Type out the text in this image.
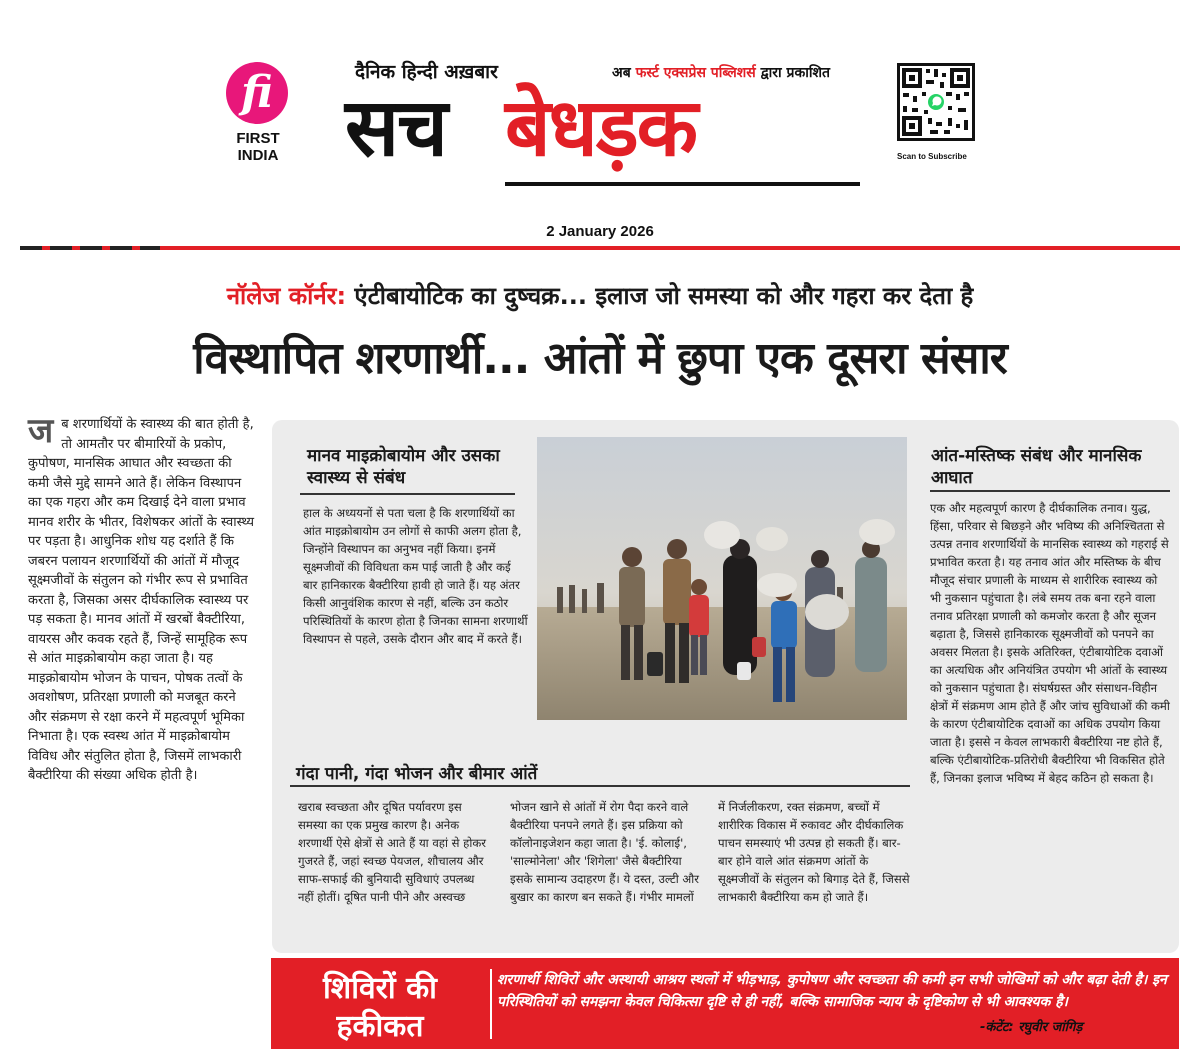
fi
FIRST
INDIA
दैनिक हिन्दी अख़बार	अब फर्स्ट एक्सप्रेस पब्लिशर्स द्वारा प्रकाशित
सच बेधड़क	Scan to Subscribe
2 January 2026
नॉलेज कॉर्नर: एंटीबायोटिक का दुष्चक्र... इलाज जो समस्या को और गहरा कर देता है
विस्थापित शरणार्थी... आंतों में छुपा एक दूसरा संसार
ज ब शरणार्थियों के स्वास्थ्य की बात होती है, तो आमतौर पर बीमारियों के प्रकोप, कुपोषण, मानसिक आघात और स्वच्छता की कमी जैसे मुद्दे सामने आते हैं। लेकिन विस्थापन का एक गहरा और कम दिखाई देने वाला प्रभाव मानव शरीर के भीतर, विशेषकर आंतों के स्वास्थ्य पर पड़ता है। आधुनिक शोध यह दर्शाते हैं कि जबरन पलायन शरणार्थियों की आंतों में मौजूद सूक्ष्मजीवों के संतुलन को गंभीर रूप से प्रभावित करता है, जिसका असर दीर्घकालिक स्वास्थ्य पर पड़ सकता है। मानव आंतों में खरबों बैक्टीरिया, वायरस और कवक रहते हैं, जिन्हें सामूहिक रूप से आंत माइक्रोबायोम कहा जाता है। यह माइक्रोबायोम भोजन के पाचन, पोषक तत्वों के अवशोषण, प्रतिरक्षा प्रणाली को मजबूत करने और संक्रमण से रक्षा करने में महत्वपूर्ण भूमिका निभाता है। एक स्वस्थ आंत में माइक्रोबायोम विविध और संतुलित होता है, जिसमें लाभकारी बैक्टीरिया की संख्या अधिक होती है।
मानव माइक्रोबायोम और उसका स्वास्थ्य से संबंध
हाल के अध्ययनों से पता चला है कि शरणार्थियों का आंत माइक्रोबायोम उन लोगों से काफी अलग होता है, जिन्होंने विस्थापन का अनुभव नहीं किया। इनमें सूक्ष्मजीवों की विविधता कम पाई जाती है और कई बार हानिकारक बैक्टीरिया हावी हो जाते हैं। यह अंतर किसी आनुवंशिक कारण से नहीं, बल्कि उन कठोर परिस्थितियों के कारण होता है जिनका सामना शरणार्थी विस्थापन से पहले, उसके दौरान और बाद में करते हैं।
आंत-मस्तिष्क संबंध और मानसिक आघात
एक और महत्वपूर्ण कारण है दीर्घकालिक तनाव। युद्ध, हिंसा, परिवार से बिछड़ने और भविष्य की अनिश्चितता से उत्पन्न तनाव शरणार्थियों के मानसिक स्वास्थ्य को गहराई से प्रभावित करता है। यह तनाव आंत और मस्तिष्क के बीच मौजूद संचार प्रणाली के माध्यम से शारीरिक स्वास्थ्य को भी नुकसान पहुंचाता है। लंबे समय तक बना रहने वाला तनाव प्रतिरक्षा प्रणाली को कमजोर करता है और सूजन बढ़ाता है, जिससे हानिकारक सूक्ष्मजीवों को पनपने का अवसर मिलता है। इसके अतिरिक्त, एंटीबायोटिक दवाओं का अत्यधिक और अनियंत्रित उपयोग भी आंतों के स्वास्थ्य को नुकसान पहुंचाता है। संघर्षग्रस्त और संसाधन-विहीन क्षेत्रों में संक्रमण आम होते हैं और जांच सुविधाओं की कमी के कारण एंटीबायोटिक दवाओं का अधिक उपयोग किया जाता है। इससे न केवल लाभकारी बैक्टीरिया नष्ट होते हैं, बल्कि एंटीबायोटिक-प्रतिरोधी बैक्टीरिया भी विकसित होते हैं, जिनका इलाज भविष्य में बेहद कठिन हो सकता है।
गंदा पानी, गंदा भोजन और बीमार आंतें
खराब स्वच्छता और दूषित पर्यावरण इस समस्या का एक प्रमुख कारण है। अनेक शरणार्थी ऐसे क्षेत्रों से आते हैं या वहां से होकर गुजरते हैं, जहां स्वच्छ पेयजल, शौचालय और साफ-सफाई की बुनियादी सुविधाएं उपलब्ध नहीं होतीं। दूषित पानी पीने और अस्वच्छ
भोजन खाने से आंतों में रोग पैदा करने वाले बैक्टीरिया पनपने लगते हैं। इस प्रक्रिया को कॉलोनाइजेशन कहा जाता है। 'ई. कोलाई', 'साल्मोनेला' और 'शिगेला' जैसे बैक्टीरिया इसके सामान्य उदाहरण हैं। ये दस्त, उल्टी और बुखार का कारण बन सकते हैं। गंभीर मामलों
में निर्जलीकरण, रक्त संक्रमण, बच्चों में शारीरिक विकास में रुकावट और दीर्घकालिक पाचन समस्याएं भी उत्पन्न हो सकती हैं। बार-बार होने वाले आंत संक्रमण आंतों के सूक्ष्मजीवों के संतुलन को बिगाड़ देते हैं, जिससे लाभकारी बैक्टीरिया कम हो जाते हैं।
शिविरों की
हकीकत
शरणार्थी शिविरों और अस्थायी आश्रय स्थलों में भीड़भाड़, कुपोषण और स्वच्छता की कमी इन सभी जोखिमों को और बढ़ा देती है। इन परिस्थितियों को समझना केवल चिकित्सा दृष्टि से ही नहीं, बल्कि सामाजिक न्याय के दृष्टिकोण से भी आवश्यक है।
-कंटेंट: रघुवीर जांगिड़
